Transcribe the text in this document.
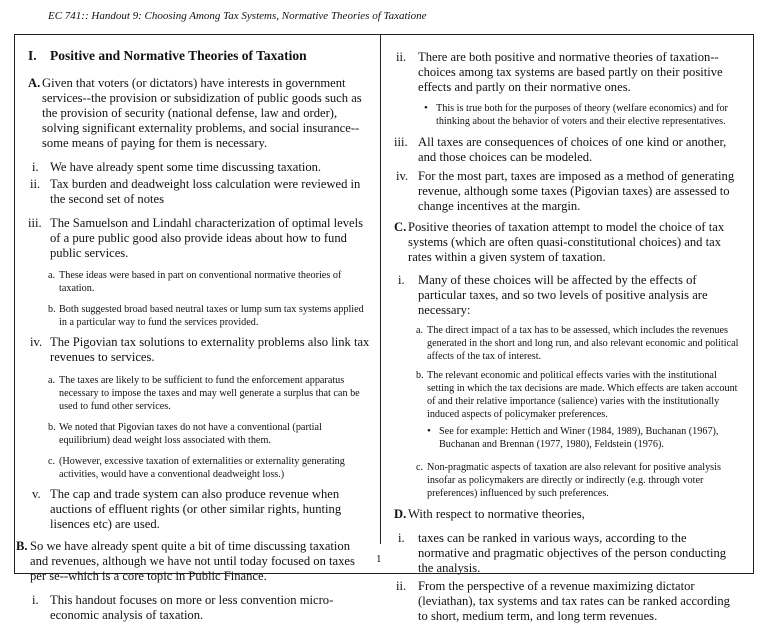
EC 741:: Handout 9: Choosing Among Tax Systems, Normative Theories of Taxatione
1
I. Positive and Normative Theories of Taxation
A. Given that voters (or dictators) have interests in government services--the provision or subsidization of public goods such as the provision of security (national defense, law and order), solving significant externality problems, and social insurance--some means of paying for them is necessary.
i. We have already spent some time discussing taxation.
ii. Tax burden and deadweight loss calculation were reviewed in the second set of notes
iii. The Samuelson and Lindahl characterization of optimal levels of a pure public good also provide ideas about how to fund public services.
a. These ideas were based in part on conventional normative theories of taxation.
b. Both suggested broad based neutral taxes or lump sum tax systems applied in a particular way to fund the services provided.
iv. The Pigovian tax solutions to externality problems also link tax revenues to services.
a. The taxes are likely to be sufficient to fund the enforcement apparatus necessary to impose the taxes and may well generate a surplus that can be used to fund other services.
b. We noted that Pigovian taxes do not have a conventional (partial equilibrium) dead weight loss associated with them.
c. (However, excessive taxation of externalities or externality generating activities, would have a conventional deadweight loss.)
v. The cap and trade system can also produce revenue when auctions of effluent rights (or other similar rights, hunting lisences etc) are used.
B. So we have already spent quite a bit of time discussing taxation and revenues, although we have not until today focused on taxes per se--which is a core topic in Public Finance.
i. This handout focuses on more or less convention micro-economic analysis of taxation.
ii. There are both positive and normative theories of taxation--choices among tax systems are based partly on their positive effects and partly on their normative ones.
• This is true both for the purposes of theory (welfare economics) and for thinking about the behavior of voters and their elective representatives.
iii. All taxes are consequences of choices of one kind or another, and those choices can be modeled.
iv. For the most part, taxes are imposed as a method of generating revenue, although some taxes (Pigovian taxes) are assessed to change incentives at the margin.
C. Positive theories of taxation attempt to model the choice of tax systems (which are often quasi-constitutional choices) and tax rates within a given system of taxation.
i. Many of these choices will be affected by the effects of particular taxes, and so two levels of positive analysis are necessary:
a. The direct impact of a tax has to be assessed, which includes the revenues generated in the short and long run, and also relevant economic and political affects of the tax of interest.
b. The relevant economic and political effects varies with the institutional setting in which the tax decisions are made. Which effects are taken account of and their relative importance (salience) varies with the institutionally induced aspects of policymaker preferences.
• See for example: Hettich and Winer (1984, 1989), Buchanan (1967), Buchanan and Brennan (1977, 1980), Feldstein (1976).
c. Non-pragmatic aspects of taxation are also relevant for positive analysis insofar as policymakers are directly or indirectly (e.g. through voter preferences) influenced by such preferences.
D. With respect to normative theories,
i. taxes can be ranked in various ways, according to the normative and pragmatic objectives of the person conducting the analysis.
ii. From the perspective of a revenue maximizing dictator (leviathan), tax systems and tax rates can be ranked according to short, medium term, and long term revenues.
